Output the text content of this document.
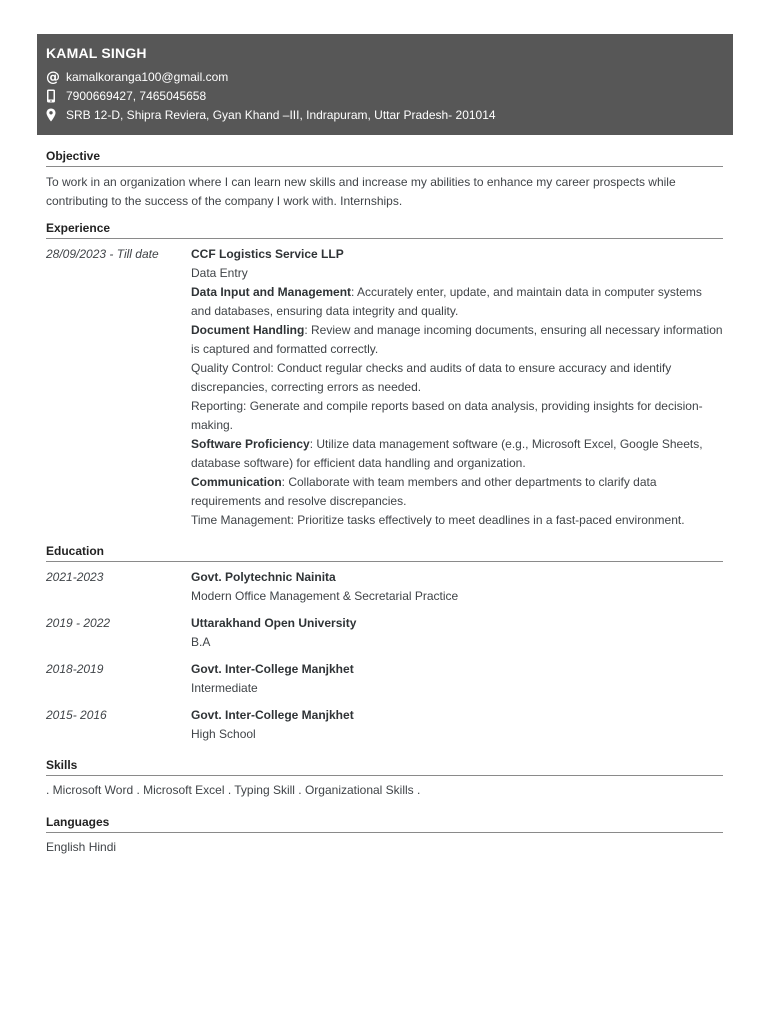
KAMAL SINGH
@ kamalkoranga100@gmail.com
7900669427, 7465045658
SRB 12-D, Shipra Reviera, Gyan Khand –III, Indrapuram, Uttar Pradesh- 201014
Objective
To work in an organization where I can learn new skills and increase my abilities to enhance my career prospects while contributing to the success of the company I work with. Internships.
Experience
28/09/2023 - Till date	CCF Logistics Service LLP
Data Entry
Data Input and Management: Accurately enter, update, and maintain data in computer systems and databases, ensuring data integrity and quality.
Document Handling: Review and manage incoming documents, ensuring all necessary information is captured and formatted correctly.
Quality Control: Conduct regular checks and audits of data to ensure accuracy and identify discrepancies, correcting errors as needed.
Reporting: Generate and compile reports based on data analysis, providing insights for decision-making.
Software Proficiency: Utilize data management software (e.g., Microsoft Excel, Google Sheets, database software) for efficient data handling and organization.
Communication: Collaborate with team members and other departments to clarify data requirements and resolve discrepancies.
Time Management: Prioritize tasks effectively to meet deadlines in a fast-paced environment.
Education
2021-2023	Govt. Polytechnic Nainita
Modern Office Management & Secretarial Practice
2019 - 2022	Uttarakhand Open University
B.A
2018-2019	Govt. Inter-College Manjkhet
Intermediate
2015- 2016	Govt. Inter-College Manjkhet
High School
Skills
. Microsoft Word . Microsoft Excel . Typing Skill . Organizational Skills .
Languages
English Hindi
